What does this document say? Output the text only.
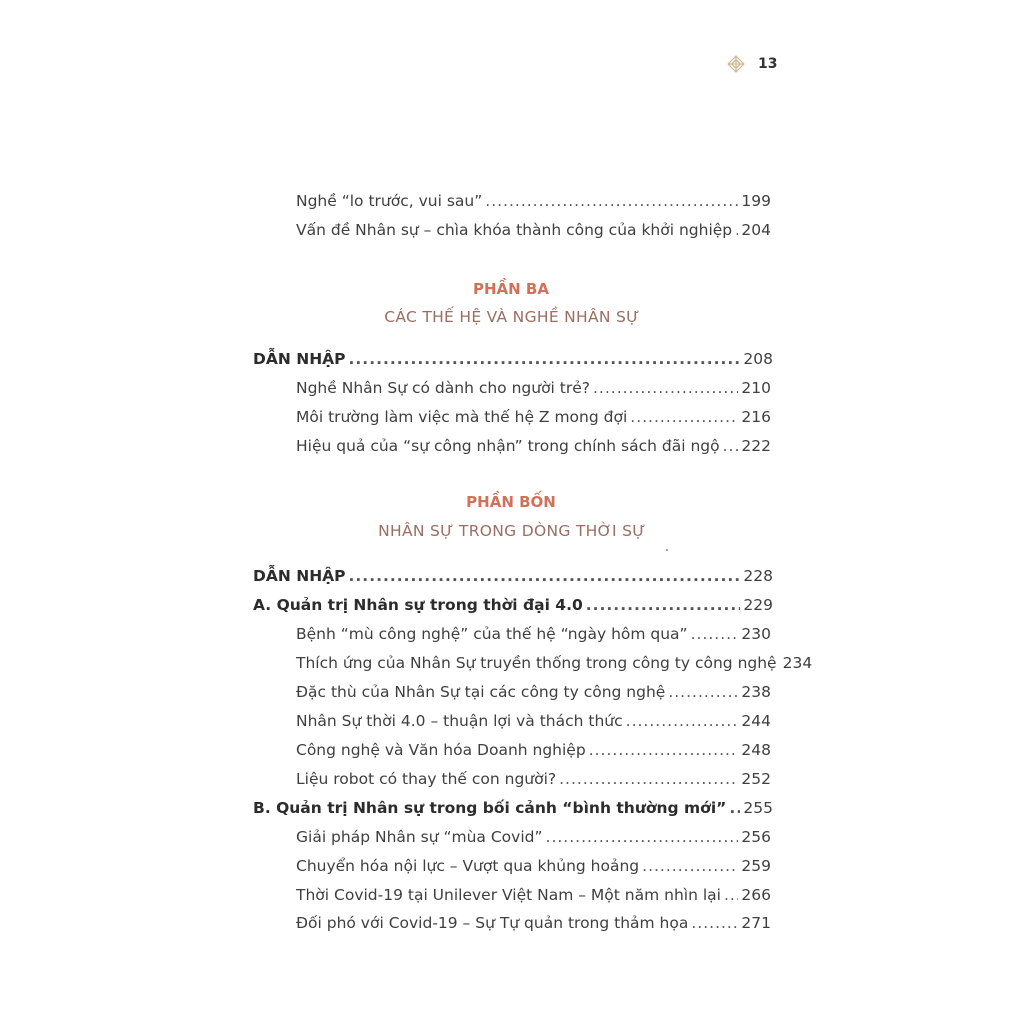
13
Nghề “lo trước, vui sau” .....	199
Vấn đề Nhân sự – chìa khóa thành công của khởi nghiệp ..... 204
PHẦN BA
CÁC THẾ HỆ VÀ NGHỀ NHÂN SỰ
DẪN NHẬP .....	208
Nghề Nhân Sự có dành cho người trẻ? .....	210
Môi trường làm việc mà thế hệ Z mong đợi .....	216
Hiệu quả của “sự công nhận” trong chính sách đãi ngộ ..... 222
PHẦN BỐN
NHÂN SỰ TRONG DÒNG THỜI SỰ
DẪN NHẬP .....	228
A. Quản trị Nhân sự trong thời đại 4.0 .....	229
Bệnh “mù công nghệ” của thế hệ “ngày hôm qua” .....	230
Thích ứng của Nhân Sự truyền thống trong công ty công nghệ 234
Đặc thù của Nhân Sự tại các công ty công nghệ .....	238
Nhân Sự thời 4.0 – thuận lợi và thách thức .....	244
Công nghệ và Văn hóa Doanh nghiệp .....	248
Liệu robot có thay thế con người? .....	252
B. Quản trị Nhân sự trong bối cảnh “bình thường mới” ..... 255
Giải pháp Nhân sự “mùa Covid” .....	256
Chuyển hóa nội lực – Vượt qua khủng hoảng .....	259
Thời Covid-19 tại Unilever Việt Nam – Một năm nhìn lại ..... 266
Đối phó với Covid-19 – Sự Tự quản trong thảm họa .....	271
